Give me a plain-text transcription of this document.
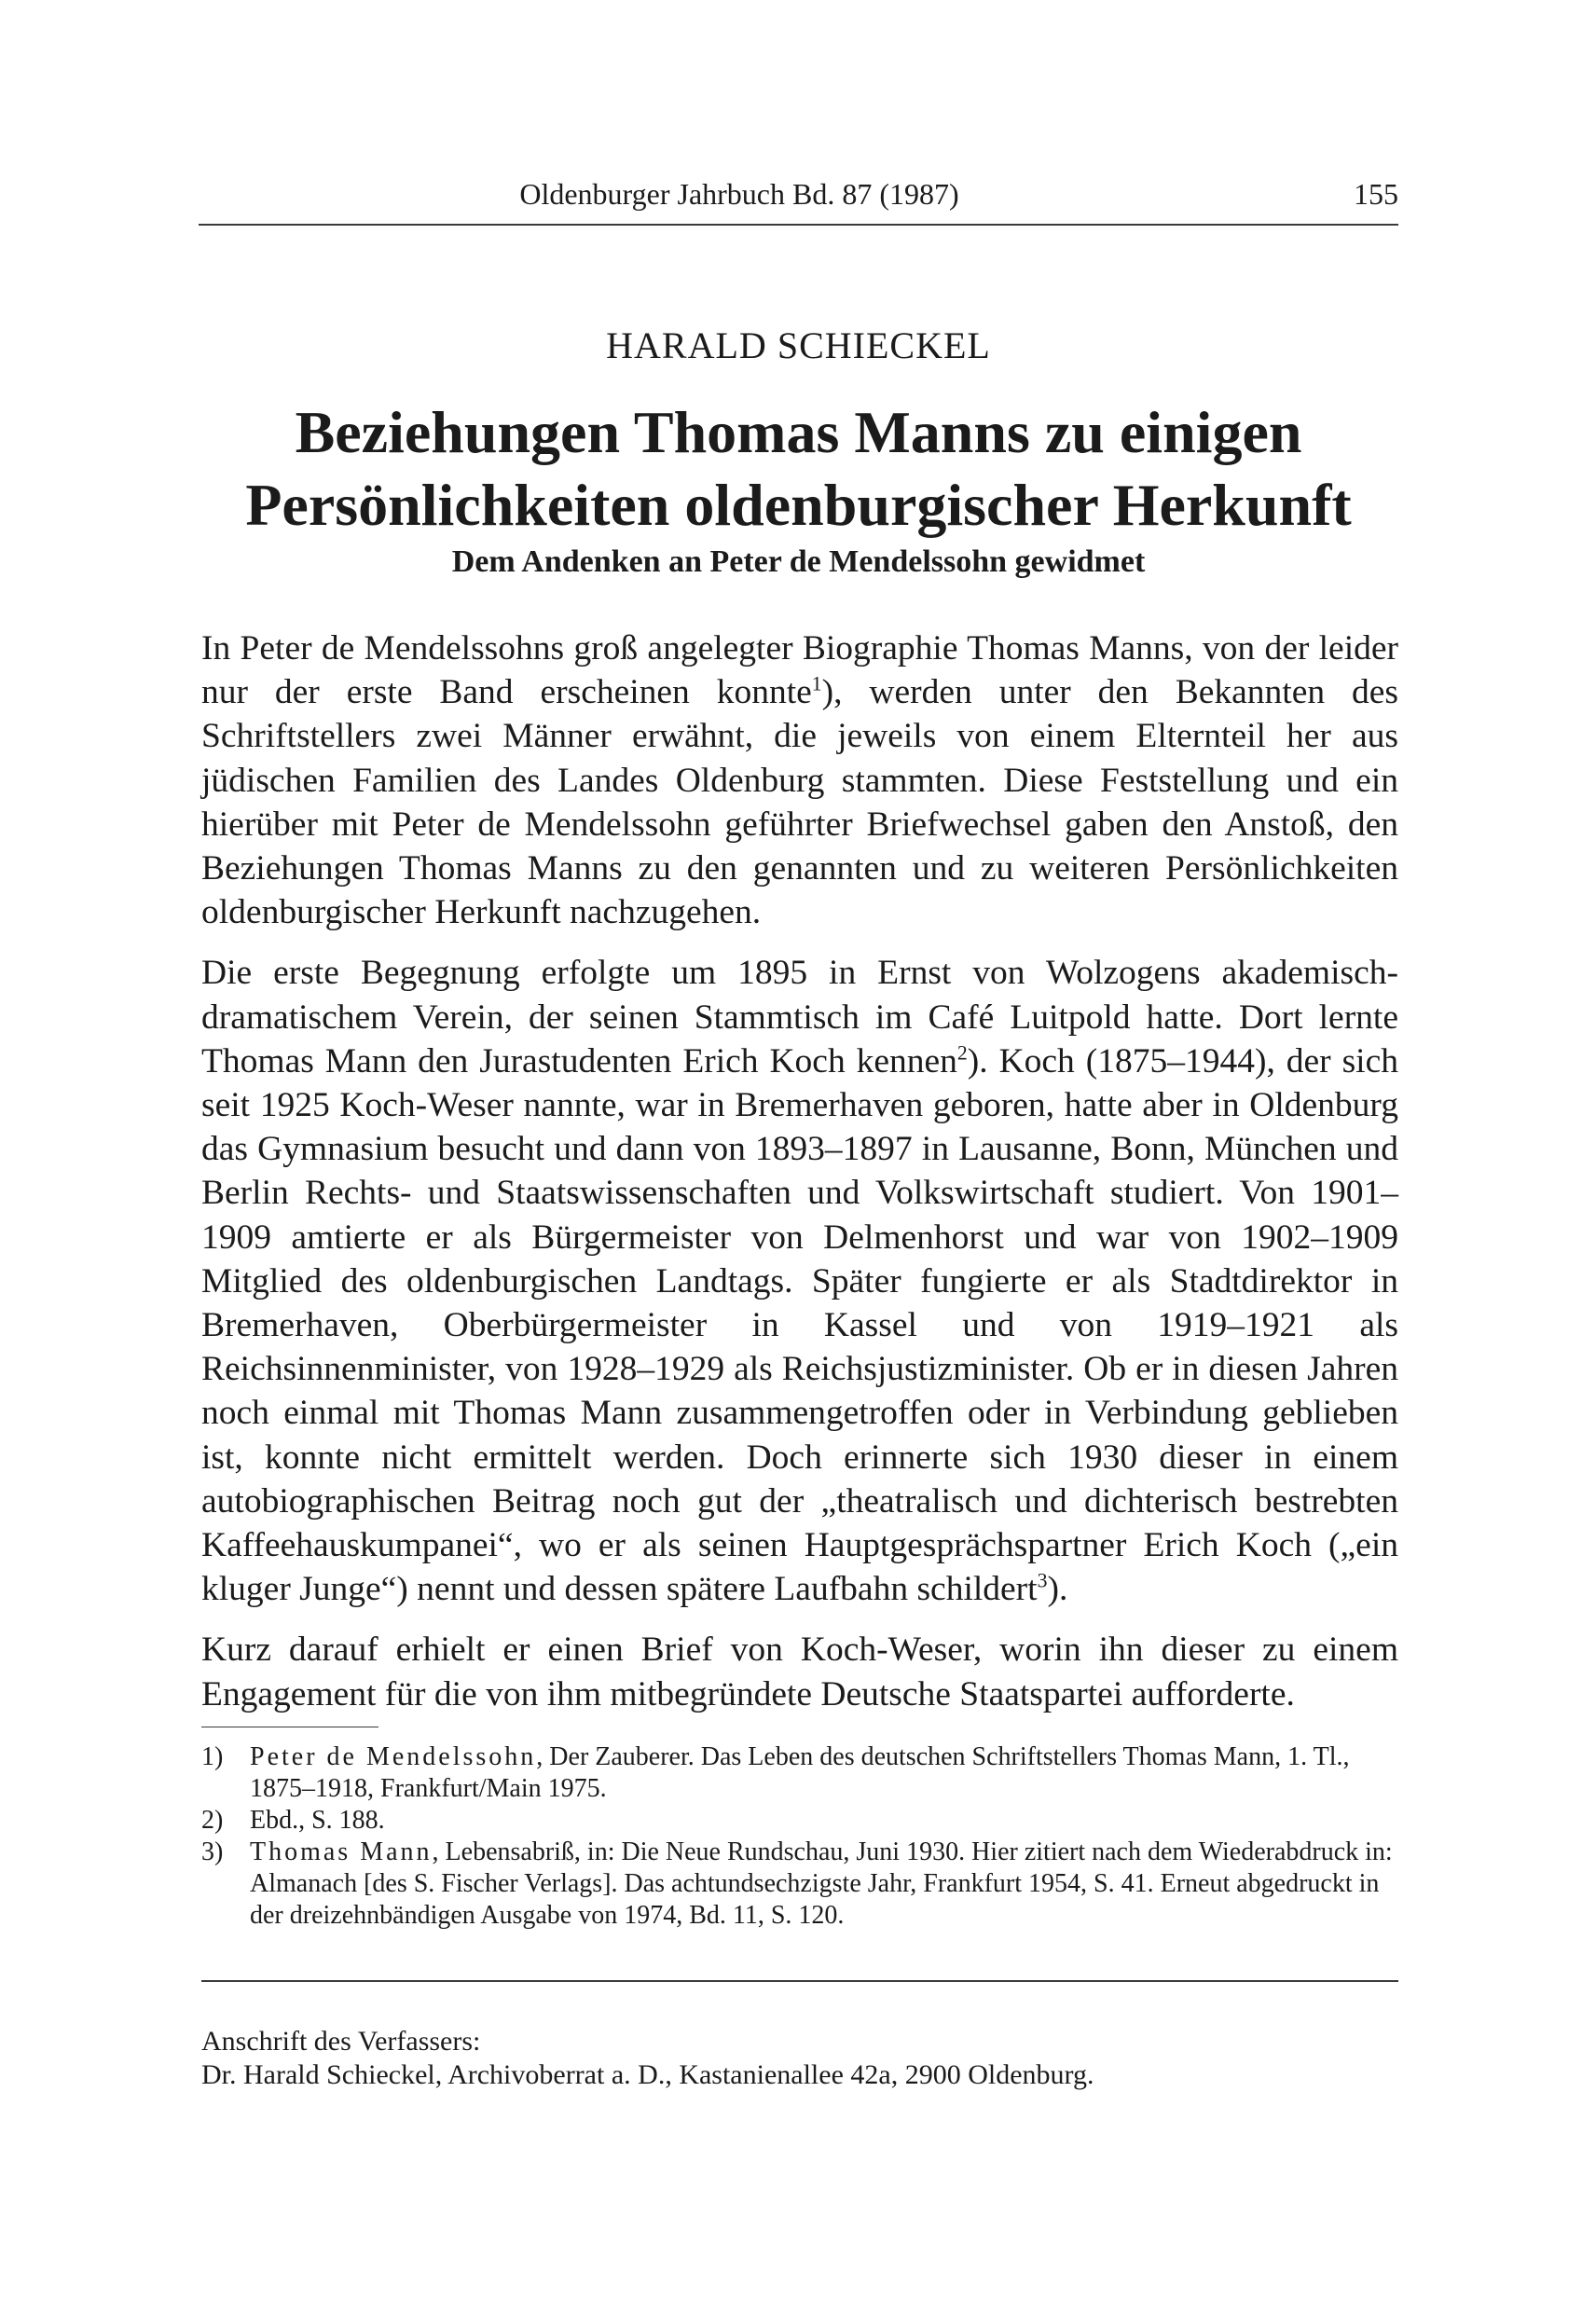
Oldenburger Jahrbuch Bd. 87 (1987)	155
HARALD SCHIECKEL
Beziehungen Thomas Manns zu einigen
Persönlichkeiten oldenburgischer Herkunft
Dem Andenken an Peter de Mendelssohn gewidmet

In Peter de Mendelssohns groß angelegter Biographie Thomas Manns, von der leider nur der erste Band erscheinen konnte$^1$), werden unter den Bekannten des Schriftstellers zwei Männer erwähnt, die jeweils von einem Elternteil her aus jüdischen Familien des Landes Oldenburg stammten. Diese Feststellung und ein hierüber mit Peter de Mendelssohn geführter Briefwechsel gaben den Anstoß, den Beziehungen Thomas Manns zu den genannten und zu weiteren Persönlichkeiten oldenburgischer Herkunft nachzugehen.

Die erste Begegnung erfolgte um 1895 in Ernst von Wolzogens akademisch-dramatischem Verein, der seinen Stammtisch im Café Luitpold hatte. Dort lernte Thomas Mann den Jurastudenten Erich Koch kennen$^2$). Koch (1875–1944), der sich seit 1925 Koch-Weser nannte, war in Bremerhaven geboren, hatte aber in Oldenburg das Gymnasium besucht und dann von 1893–1897 in Lausanne, Bonn, München und Berlin Rechts- und Staatswissenschaften und Volkswirtschaft studiert. Von 1901–1909 amtierte er als Bürgermeister von Delmenhorst und war von 1902–1909 Mitglied des oldenburgischen Landtags. Später fungierte er als Stadtdirektor in Bremerhaven, Oberbürgermeister in Kassel und von 1919–1921 als Reichsinnenminister, von 1928–1929 als Reichsjustizminister. Ob er in diesen Jahren noch einmal mit Thomas Mann zusammengetroffen oder in Verbindung geblieben ist, konnte nicht ermittelt werden. Doch erinnerte sich 1930 dieser in einem autobiographischen Beitrag noch gut der „theatralisch und dichterisch bestrebten Kaffeehauskumpanei“, wo er als seinen Hauptgesprächspartner Erich Koch („ein kluger Junge“) nennt und dessen spätere Laufbahn schildert$^3$).

Kurz darauf erhielt er einen Brief von Koch-Weser, worin ihn dieser zu einem Engagement für die von ihm mitbegründete Deutsche Staatspartei aufforderte.

1) Peter de Mendelssohn, Der Zauberer. Das Leben des deutschen Schriftstellers Thomas Mann, 1. Tl., 1875–1918, Frankfurt/Main 1975.

2) Ebd., S. 188.

3) Thomas Mann, Lebensabriß, in: Die Neue Rundschau, Juni 1930. Hier zitiert nach dem Wiederabdruck in: Almanach [des S. Fischer Verlags]. Das achtundsechzigste Jahr, Frankfurt 1954, S. 41. Erneut abgedruckt in der dreizehnbändigen Ausgabe von 1974, Bd. 11, S. 120.

Anschrift des Verfassers:
Dr. Harald Schieckel, Archivoberrat a. D., Kastanienallee 42a, 2900 Oldenburg.
